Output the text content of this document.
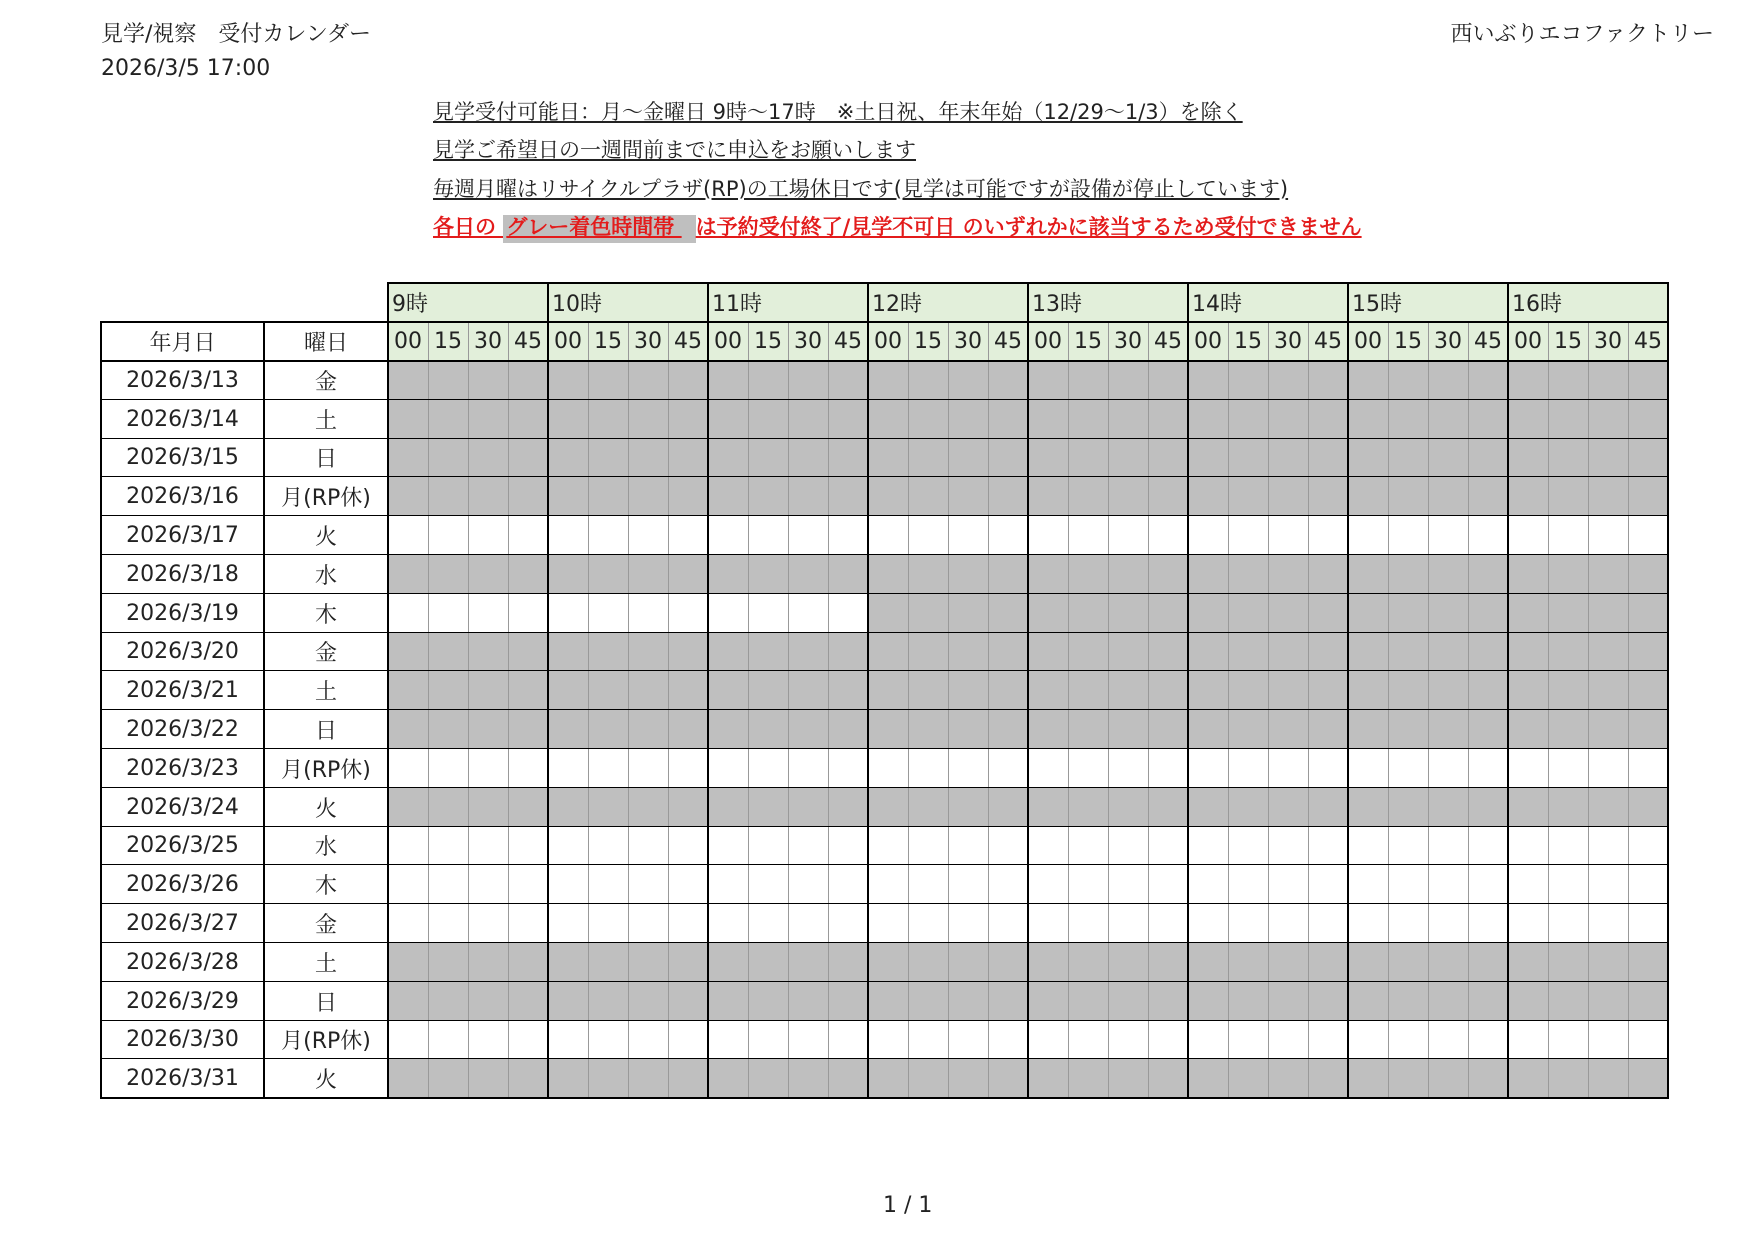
見学/視察　受付カレンダー
2026/3/5 17:00
西いぶりエコファクトリー
見学受付可能日：月～金曜日 9時～17時　※土日祝、年末年始（12/29～1/3）を除く
見学ご希望日の一週間前までに申込をお願いします
毎週月曜はリサイクルプラザ(RP)の工場休日です(見学は可能ですが設備が停止しています)
各日の グレー着色時間帯 は予約受付終了/見学不可日 のいずれかに該当するため受付できません
9時	10時	11時	12時	13時	14時	15時	16時
00 15 30 45 00 15 30 45 00 15 30 45 00 15 30 45 00 15 30 45 00 15 30 45 00 15 30 45 00 15 30 45
年月日	曜日
2026/3/13	金
2026/3/14	土
2026/3/15	日
2026/3/16	月(RP休)
2026/3/17	火
2026/3/18	水
2026/3/19	木
2026/3/20	金
2026/3/21	土
2026/3/22	日
2026/3/23	月(RP休)
2026/3/24	火
2026/3/25	水
2026/3/26	木
2026/3/27	金
2026/3/28	土
2026/3/29	日
2026/3/30	月(RP休)
2026/3/31	火
1 / 1
